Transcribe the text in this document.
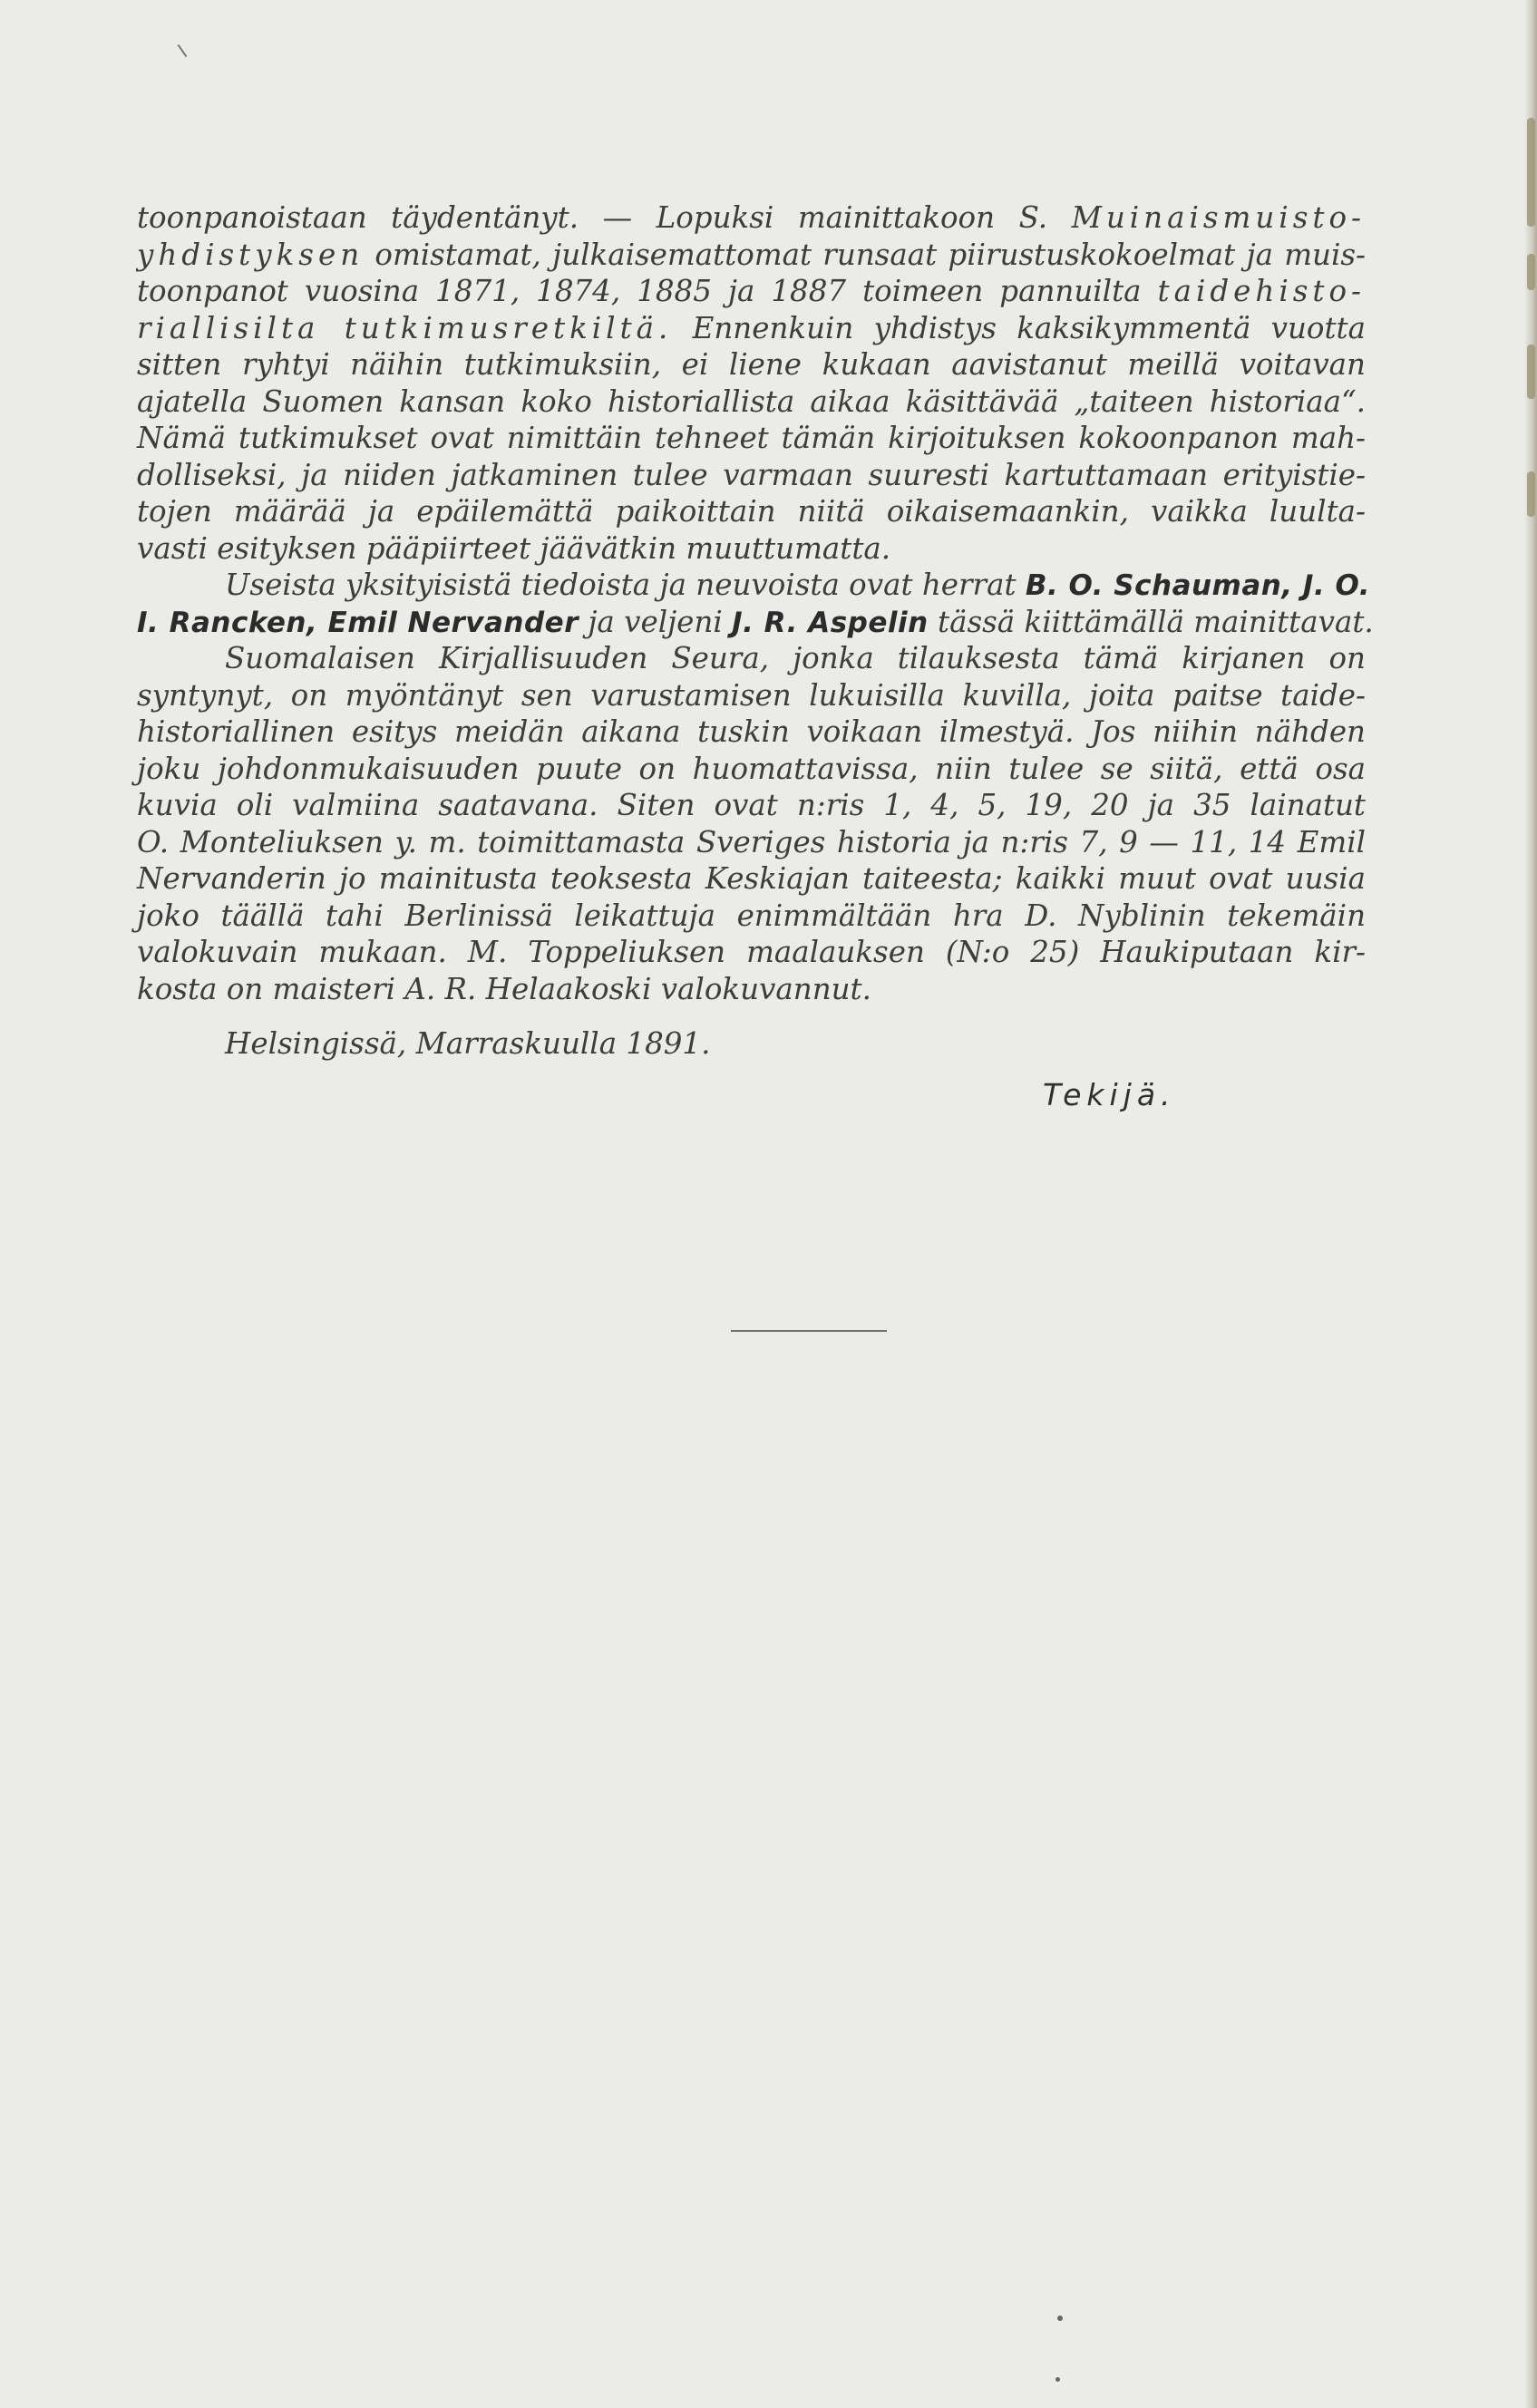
toonpanoistaan täydentänyt. — Lopuksi mainittakoon S. Muinaismuisto-
yhdistyksen omistamat, julkaisemattomat runsaat piirustuskokoelmat ja muis-
toonpanot vuosina 1871, 1874, 1885 ja 1887 toimeen pannuilta taidehisto-
riallisilta tutkimusretkiltä. Ennenkuin yhdistys kaksikymmentä vuotta
sitten ryhtyi näihin tutkimuksiin, ei liene kukaan aavistanut meillä voitavan
ajatella Suomen kansan koko historiallista aikaa käsittävää „taiteen historiaa“.
Nämä tutkimukset ovat nimittäin tehneet tämän kirjoituksen kokoonpanon mah-
dolliseksi, ja niiden jatkaminen tulee varmaan suuresti kartuttamaan erityistie-
tojen määrää ja epäilemättä paikoittain niitä oikaisemaankin, vaikka luulta-
vasti esityksen pääpiirteet jäävätkin muuttumatta.
Useista yksityisistä tiedoista ja neuvoista ovat herrat B. O. Schauman, J. O.
I. Rancken, Emil Nervander ja veljeni J. R. Aspelin tässä kiittämällä mainittavat.
Suomalaisen Kirjallisuuden Seura, jonka tilauksesta tämä kirjanen on
syntynyt, on myöntänyt sen varustamisen lukuisilla kuvilla, joita paitse taide-
historiallinen esitys meidän aikana tuskin voikaan ilmestyä. Jos niihin nähden
joku johdonmukaisuuden puute on huomattavissa, niin tulee se siitä, että osa
kuvia oli valmiina saatavana. Siten ovat n:ris 1, 4, 5, 19, 20 ja 35 lainatut
O. Monteliuksen y. m. toimittamasta Sveriges historia ja n:ris 7, 9 — 11, 14 Emil
Nervanderin jo mainitusta teoksesta Keskiajan taiteesta; kaikki muut ovat uusia
joko täällä tahi Berlinissä leikattuja enimmältään hra D. Nyblinin tekemäin
valokuvain mukaan. M. Toppeliuksen maalauksen (N:o 25) Haukiputaan kir-
kosta on maisteri A. R. Helaakoski valokuvannut.
Helsingissä, Marraskuulla 1891.
Tekijä.
